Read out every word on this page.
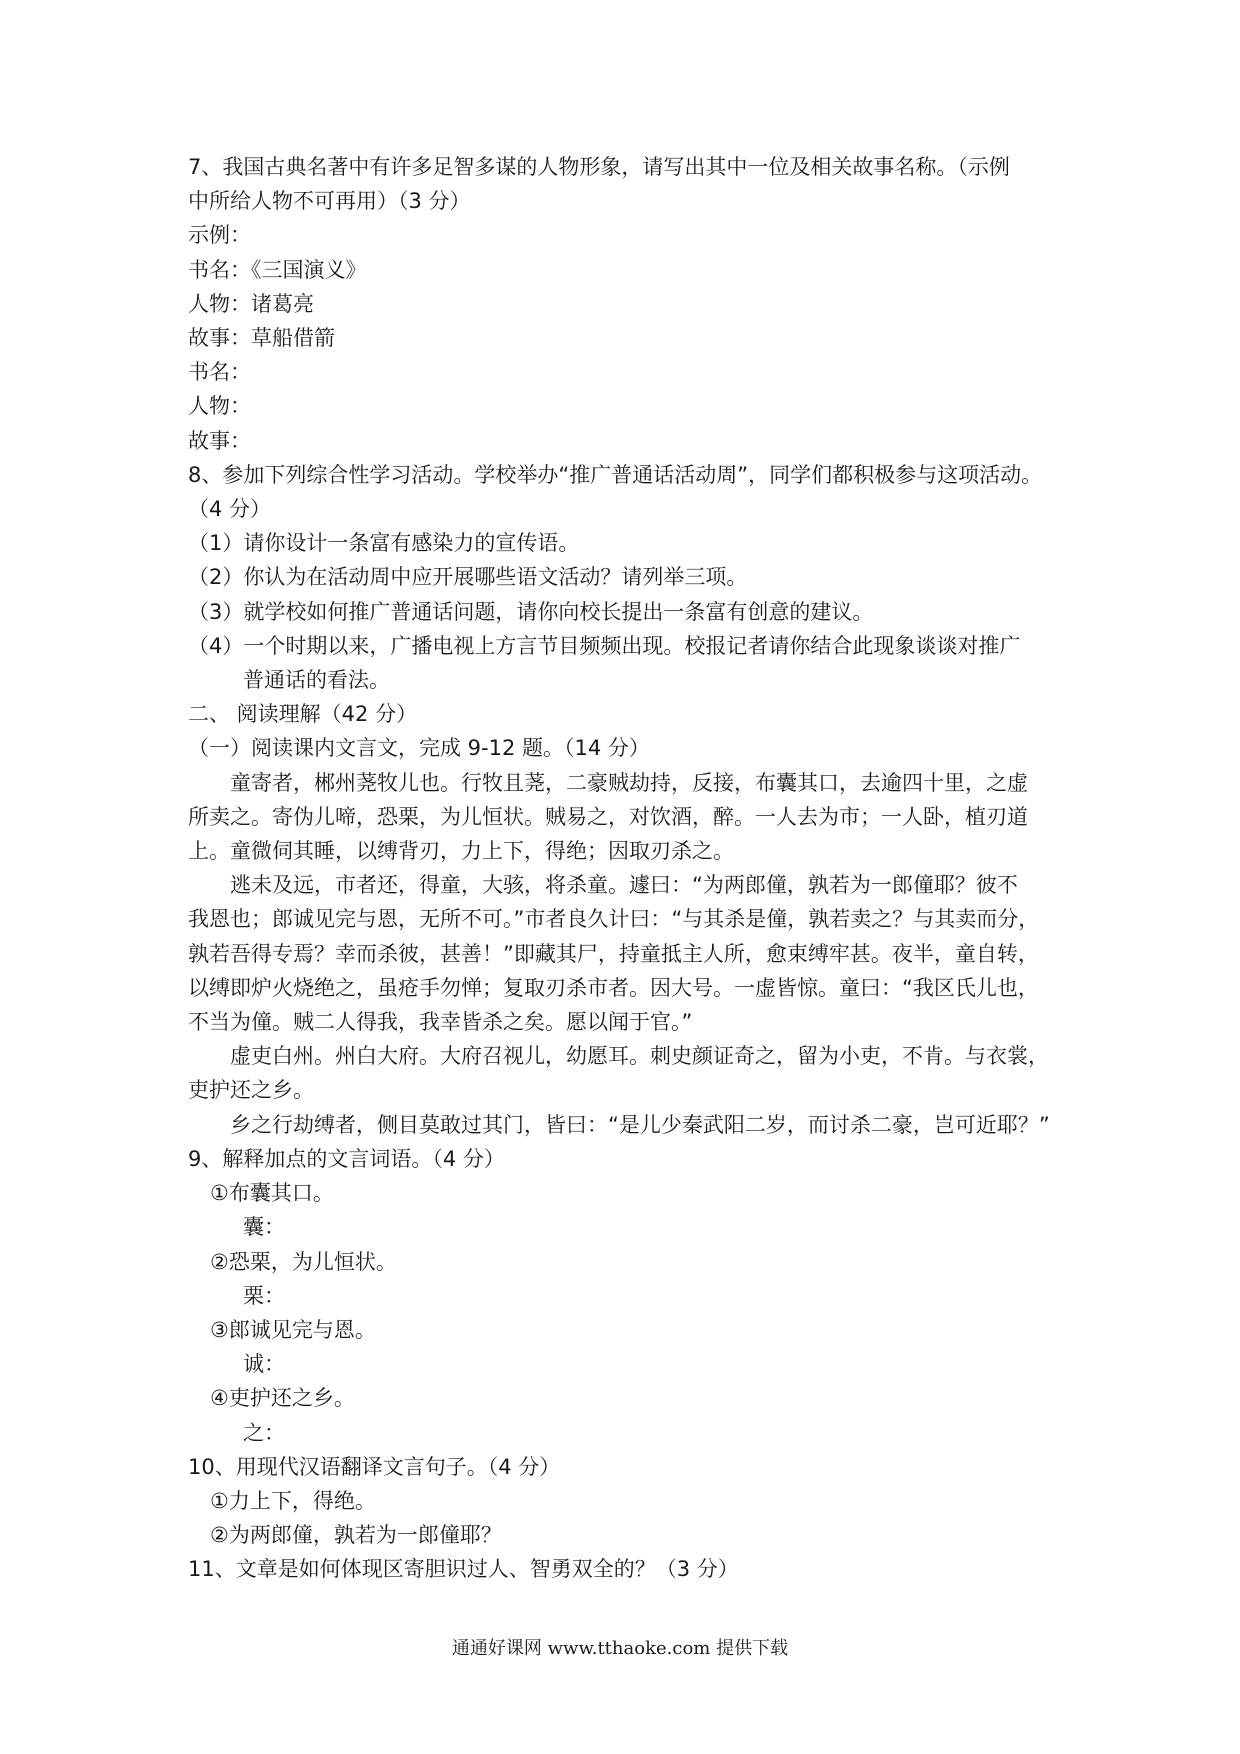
7、我国古典名著中有许多足智多谋的人物形象，请写出其中一位及相关故事名称。（示例
中所给人物不可再用）（3 分）
示例：
书名：《三国演义》
人物：诸葛亮
故事：草船借箭
书名：
人物：
故事：
8、参加下列综合性学习活动。学校举办“推广普通话活动周”，同学们都积极参与这项活动。
（4 分）
（1）请你设计一条富有感染力的宣传语。
（2）你认为在活动周中应开展哪些语文活动？请列举三项。
（3）就学校如何推广普通话问题，请你向校长提出一条富有创意的建议。
（4）一个时期以来，广播电视上方言节目频频出现。校报记者请你结合此现象谈谈对推广
普通话的看法。
二、 阅读理解（42 分）
（一）阅读课内文言文，完成 9-12 题。（14 分）
　　童寄者，郴州荛牧儿也。行牧且荛，二豪贼劫持，反接，布囊其口，去逾四十里，之虚
所卖之。寄伪儿啼，恐栗，为儿恒状。贼易之，对饮酒，醉。一人去为市；一人卧，植刃道
上。童微伺其睡，以缚背刃，力上下，得绝；因取刃杀之。
　　逃未及远，市者还，得童，大骇，将杀童。遽曰：“为两郎僮，孰若为一郎僮耶？彼不
我恩也；郎诚见完与恩，无所不可。”市者良久计曰：“与其杀是僮，孰若卖之？与其卖而分，
孰若吾得专焉？幸而杀彼，甚善！”即藏其尸，持童抵主人所，愈束缚牢甚。夜半，童自转，
以缚即炉火烧绝之，虽疮手勿惮；复取刃杀市者。因大号。一虚皆惊。童曰：“我区氏儿也，
不当为僮。贼二人得我，我幸皆杀之矣。愿以闻于官。”
　　虚吏白州。州白大府。大府召视儿，幼愿耳。刺史颜证奇之，留为小吏，不肯。与衣裳，
吏护还之乡。
　　乡之行劫缚者，侧目莫敢过其门，皆曰：“是儿少秦武阳二岁，而讨杀二豪，岂可近耶？”
9、解释加点的文言词语。（4 分）
①布囊其口。
囊：
②恐栗，为儿恒状。
栗：
③郎诚见完与恩。
诚：
④吏护还之乡。
之：
10、用现代汉语翻译文言句子。（4 分）
①力上下，得绝。
②为两郎僮，孰若为一郎僮耶？
11、文章是如何体现区寄胆识过人、智勇双全的？（3 分）
通通好课网 www.tthaoke.com 提供下载
